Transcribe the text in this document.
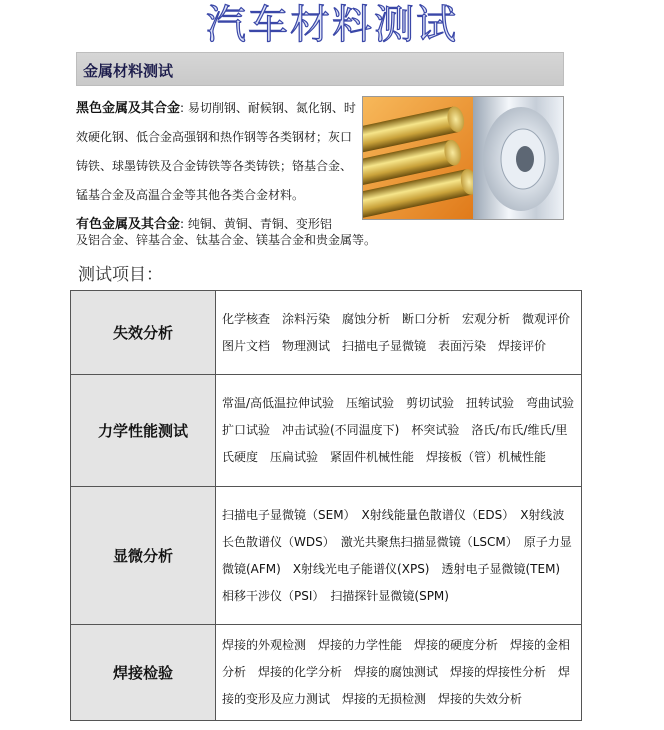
汽车材料测试
金属材料测试
黑色金属及其合金: 易切削钢、耐候钢、氮化钢、时效硬化钢、低合金高强钢和热作钢等各类钢材；灰口铸铁、球墨铸铁及合金铸铁等各类铸铁；铬基合金、锰基合金及高温合金等其他各类合金材料。
有色金属及其合金: 纯铜、黄铜、青铜、变形铝
及铝合金、锌基合金、钛基合金、镁基合金和贵金属等。
测试项目：
失效分析	化学核查　涂料污染　腐蚀分析　断口分析　宏观分析　微观评价　图片文档　物理测试　扫描电子显微镜　表面污染　焊接评价
力学性能测试	常温/高低温拉伸试验　压缩试验　剪切试验　扭转试验　弯曲试验　扩口试验　冲击试验(不同温度下)　杯突试验　洛氏/布氏/维氏/里氏硬度　压扁试验　紧固件机械性能　焊接板（管）机械性能
显微分析	扫描电子显微镜（SEM）　X射线能量色散谱仪（EDS）　X射线波长色散谱仪（WDS）　激光共聚焦扫描显微镜（LSCM）　原子力显微镜(AFM)　X射线光电子能谱仪(XPS)　透射电子显微镜(TEM)　相移干涉仪（PSI）　扫描探针显微镜(SPM)
焊接检验	焊接的外观检测　焊接的力学性能　焊接的硬度分析　焊接的金相分析　焊接的化学分析　焊接的腐蚀测试　焊接的焊接性分析　焊接的变形及应力测试　焊接的无损检测　焊接的失效分析
